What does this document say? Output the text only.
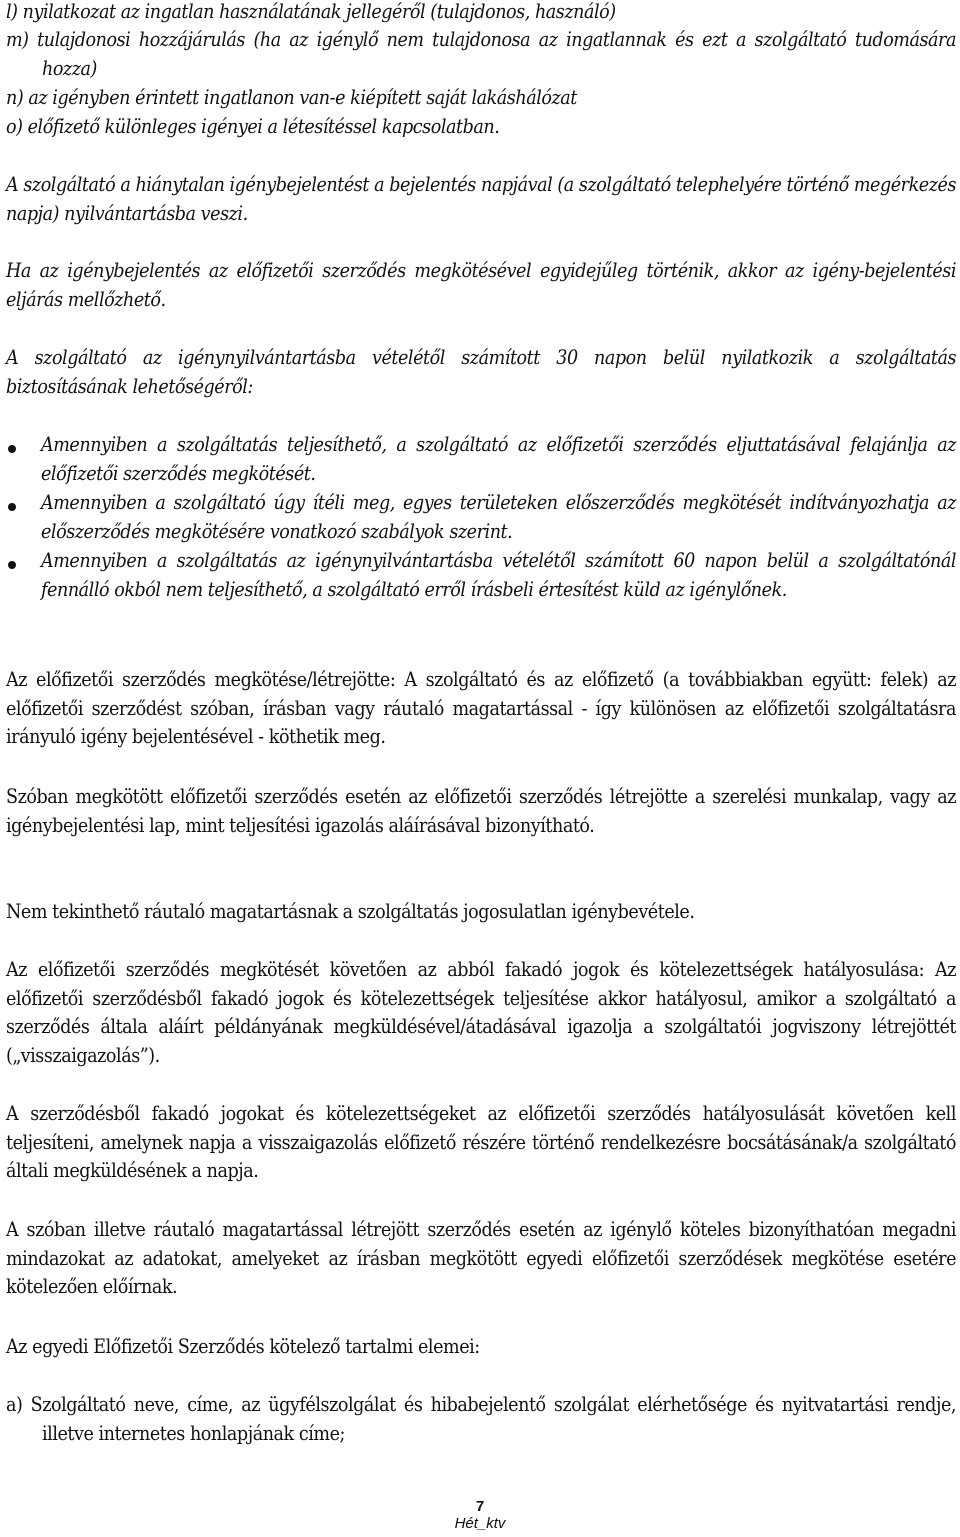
l) nyilatkozat az ingatlan használatának jellegéről (tulajdonos, használó)
m) tulajdonosi hozzájárulás (ha az igénylő nem tulajdonosa az ingatlannak és ezt a szolgáltató tudomására hozza)
n) az igényben érintett ingatlanon van-e kiépített saját lakáshálózat
o) előfizető különleges igényei a létesítéssel kapcsolatban.

A szolgáltató a hiánytalan igénybejelentést a bejelentés napjával (a szolgáltató telephelyére történő megérkezés napja) nyilvántartásba veszi.

Ha az igénybejelentés az előfizetői szerződés megkötésével egyidejűleg történik, akkor az igény-bejelentési eljárás mellőzhető.

A szolgáltató az igénynyilvántartásba vételétől számított 30 napon belül nyilatkozik a szolgáltatás biztosításának lehetőségéről:

Amennyiben a szolgáltatás teljesíthető, a szolgáltató az előfizetői szerződés eljuttatásával felajánlja az előfizetői szerződés megkötését.
Amennyiben a szolgáltató úgy ítéli meg, egyes területeken előszerződés megkötését indítványozhatja az előszerződés megkötésére vonatkozó szabályok szerint.
Amennyiben a szolgáltatás az igénynyilvántartásba vételétől számított 60 napon belül a szolgáltatónál fennálló okból nem teljesíthető, a szolgáltató erről írásbeli értesítést küld az igénylőnek.

Az előfizetői szerződés megkötése/létrejötte: A szolgáltató és az előfizető (a továbbiakban együtt: felek) az előfizetői szerződést szóban, írásban vagy ráutaló magatartással - így különösen az előfizetői szolgáltatásra irányuló igény bejelentésével - köthetik meg.

Szóban megkötött előfizetői szerződés esetén az előfizetői szerződés létrejötte a szerelési munkalap, vagy az igénybejelentési lap, mint teljesítési igazolás aláírásával bizonyítható.

Nem tekinthető ráutaló magatartásnak a szolgáltatás jogosulatlan igénybevétele.

Az előfizetői szerződés megkötését követően az abból fakadó jogok és kötelezettségek hatályosulása: Az előfizetői szerződésből fakadó jogok és kötelezettségek teljesítése akkor hatályosul, amikor a szolgáltató a szerződés általa aláírt példányának megküldésével/átadásával igazolja a szolgáltatói jogviszony létrejöttét („visszaigazolás”).

A szerződésből fakadó jogokat és kötelezettségeket az előfizetői szerződés hatályosulását követően kell teljesíteni, amelynek napja a visszaigazolás előfizető részére történő rendelkezésre bocsátásának/a szolgáltató általi megküldésének a napja.

A szóban illetve ráutaló magatartással létrejött szerződés esetén az igénylő köteles bizonyíthatóan megadni mindazokat az adatokat, amelyeket az írásban megkötött egyedi előfizetői szerződések megkötése esetére kötelezően előírnak.

Az egyedi Előfizetői Szerződés kötelező tartalmi elemei:

a) Szolgáltató neve, címe, az ügyfélszolgálat és hibabejelentő szolgálat elérhetősége és nyitvatartási rendje, illetve internetes honlapjának címe;
7
Hét_ktv
